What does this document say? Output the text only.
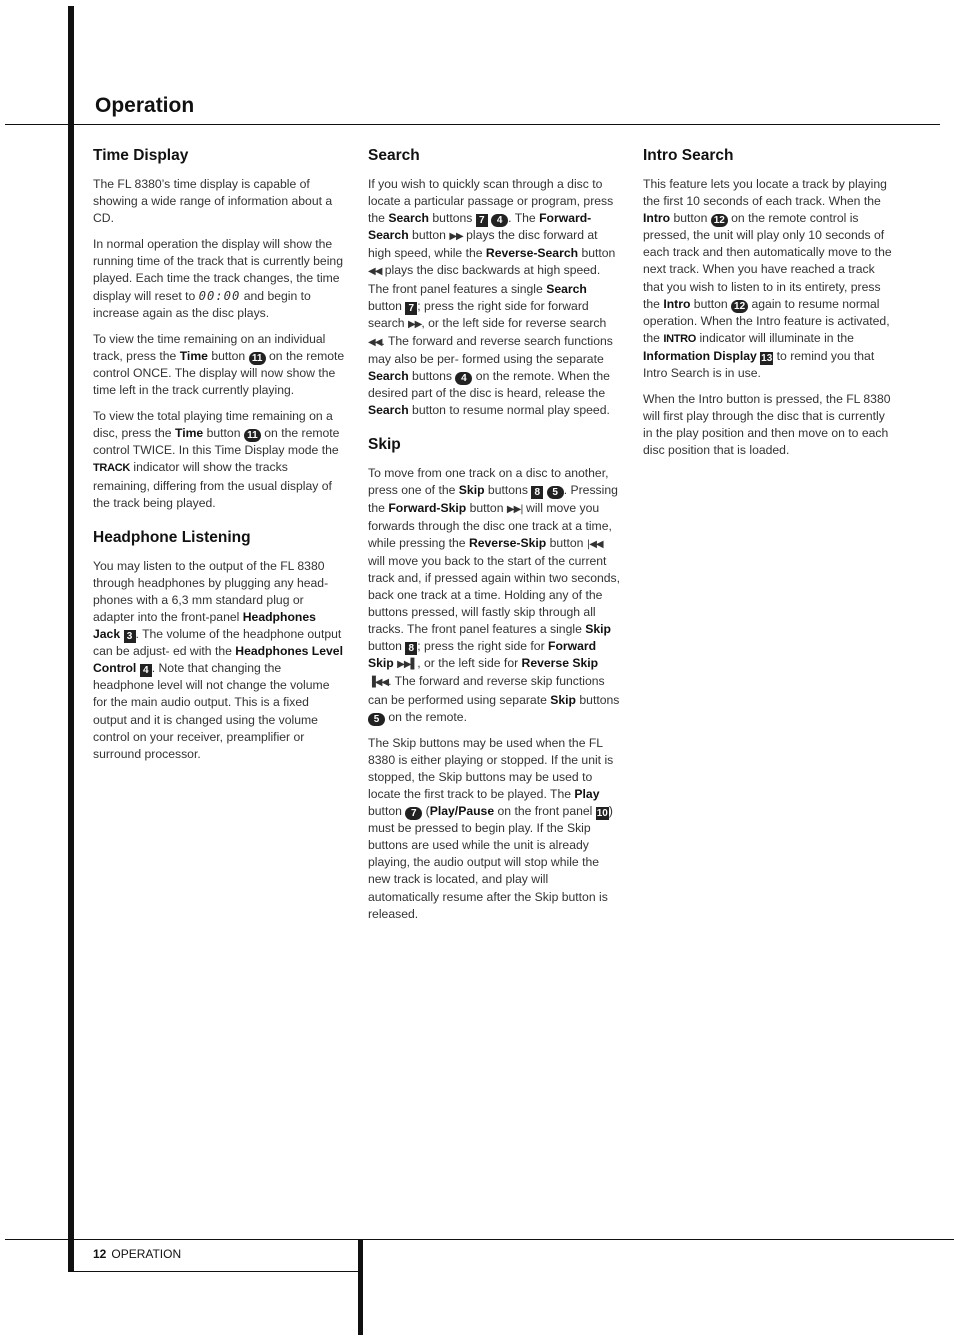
Operation
Time Display

The FL 8380’s time display is capable of showing a wide range of information about a CD.

In normal operation the display will show the running time of the track that is currently being played. Each time the track changes, the time display will reset to 00:00 and begin to increase again as the disc plays.

To view the time remaining on an individual track, press the Time button 11 on the remote control ONCE. The display will now show the time left in the track currently playing.

To view the total playing time remaining on a disc, press the Time button 11 on the remote control TWICE. In this Time Display mode the TRACK indicator will show the tracks remaining, differing from the usual display of the track being played.

Headphone Listening

You may listen to the output of the FL 8380 through headphones by plugging any head- phones with a 6,3 mm standard plug or adapter into the front-panel Headphones Jack 3 . The volume of the headphone output can be adjust- ed with the Headphones Level Control 4 . Note that changing the headphone level will not change the volume for the main audio output. This is a fixed output and it is changed using the volume control on your receiver, preamplifier or surround processor.

Search

If you wish to quickly scan through a disc to locate a particular passage or program, press the Search buttons 7 4 . The Forward-Search button ▶▶ plays the disc forward at high speed, while the Reverse-Search button ◀◀ plays the disc backwards at high speed. The front panel features a single Search button 7 ; press the right side for forward search ▶▶, or the left side for reverse search ◀◀. The forward and reverse search functions may also be per- formed using the separate Search buttons 4 on the remote. When the desired part of the disc is heard, release the Search button to resume normal play speed.

Skip

To move from one track on a disc to another, press one of the Skip buttons 8 5 . Pressing the Forward-Skip button ▶▶| will move you forwards through the disc one track at a time, while pressing the Reverse-Skip button |◀◀ will move you back to the start of the current track and, if pressed again within two seconds, back one track at a time. Holding any of the buttons pressed, will fastly skip through all tracks. The front panel features a single Skip button 8 ; press the right side for Forward Skip ▶▶▌, or the left side for Reverse Skip ▐◀◀. The forward and reverse skip functions can be performed using separate Skip buttons 5 on the remote.

The Skip buttons may be used when the FL 8380 is either playing or stopped. If the unit is stopped, the Skip buttons may be used to locate the first track to be played. The Play button 7 (Play/Pause on the front panel 10) must be pressed to begin play. If the Skip buttons are used while the unit is already playing, the audio output will stop while the new track is located, and play will automatically resume after the Skip button is released.

Intro Search

This feature lets you locate a track by playing the first 10 seconds of each track. When the Intro button 12 on the remote control is pressed, the unit will play only 10 seconds of each track and then automatically move to the next track. When you have reached a track that you wish to listen to in its entirety, press the Intro button 12 again to resume normal operation. When the Intro feature is activated, the INTRO indicator will illuminate in the Information Display 13 to remind you that Intro Search is in use.

When the Intro button is pressed, the FL 8380 will first play through the disc that is currently in the play position and then move on to each disc position that is loaded.

12 OPERATION
